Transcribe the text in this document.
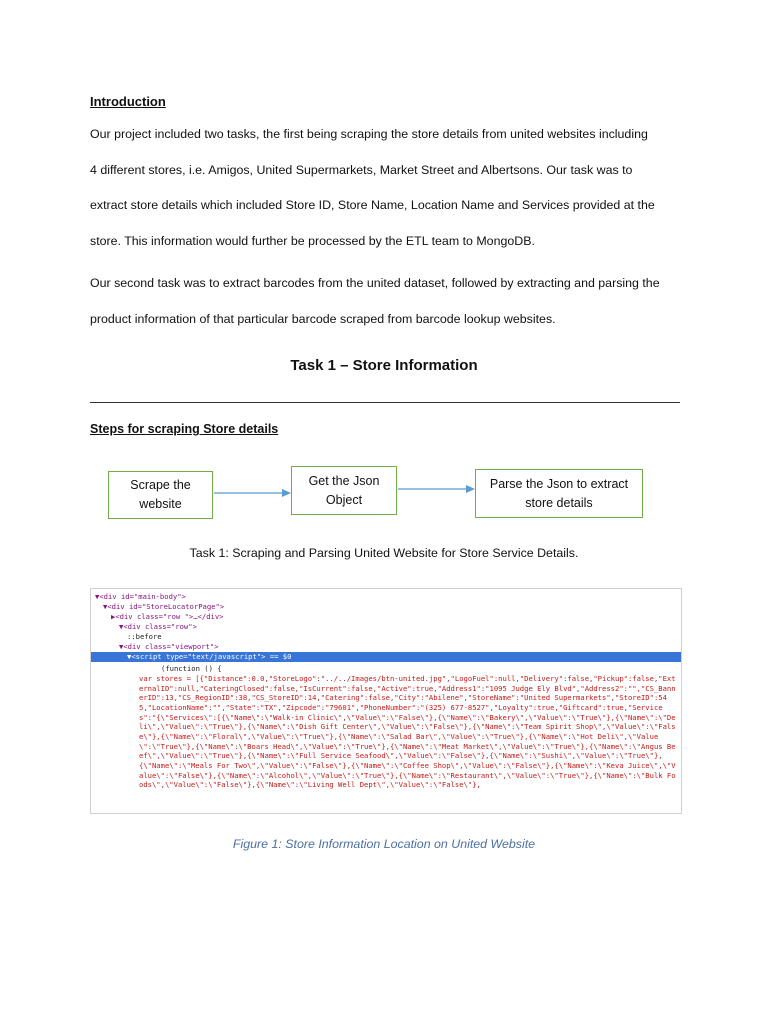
Introduction

Our project included two tasks, the first being scraping the store details from united websites including
4 different stores, i.e. Amigos, United Supermarkets, Market Street and Albertsons. Our task was to
extract store details which included Store ID, Store Name, Location Name and Services provided at the
store. This information would further be processed by the ETL team to MongoDB.

Our second task was to extract barcodes from the united dataset, followed by extracting and parsing the
product information of that particular barcode scraped from barcode lookup websites.

Task 1 – Store Information
Steps for scraping Store details
Scrape the
website
Get the Json
Object
Parse the Json to extract
store details
Task 1: Scraping and Parsing United Website for Store Service Details.
▼<div id="main-body">
▼<div id="StoreLocatorPage">
▶<div class="row ">…</div>
▼<div class="row">
::before
▼<div class="viewport">
▼<script type="text/javascript"> == $0
(function () {
var stores = [{"Distance":0.0,"StoreLogo":"../../Images/btn-united.jpg","LogoFuel":null,"Delivery":false,"Pickup":false,"ExternalID":null,"CateringClosed":false,"IsCurrent":false,"Active":true,"Address1":"1095 Judge Ely Blvd","Address2":"","CS_BannerID":13,"CS_RegionID":38,"CS_StoreID":14,"Catering":false,"City":"Abilene","StoreName":"United Supermarkets","StoreID":545,"LocationName":"","State":"TX","Zipcode":"79601","PhoneNumber":"(325) 677-8527","Loyalty":true,"Giftcard":true,"Services":"{\"Services\":[{\"Name\":\"Walk-in Clinic\",\"Value\":\"False\"},{\"Name\":\"Bakery\",\"Value\":\"True\"},{\"Name\":\"Deli\",\"Value\":\"True\"},{\"Name\":\"Dish Gift Center\",\"Value\":\"False\"},{\"Name\":\"Team Spirit Shop\",\"Value\":\"False\"},{\"Name\":\"Floral\",\"Value\":\"True\"},{\"Name\":\"Salad Bar\",\"Value\":\"True\"},{\"Name\":\"Hot Deli\",\"Value\":\"True\"},{\"Name\":\"Boars Head\",\"Value\":\"True\"},{\"Name\":\"Meat Market\",\"Value\":\"True\"},{\"Name\":\"Angus Beef\",\"Value\":\"True\"},{\"Name\":\"Full Service Seafood\",\"Value\":\"False\"},{\"Name\":\"Sushi\",\"Value\":\"True\"},{\"Name\":\"Meals For Two\",\"Value\":\"False\"},{\"Name\":\"Coffee Shop\",\"Value\":\"False\"},{\"Name\":\"Keva Juice\",\"Value\":\"False\"},{\"Name\":\"Alcohol\",\"Value\":\"True\"},{\"Name\":\"Restaurant\",\"Value\":\"True\"},{\"Name\":\"Bulk Foods\",\"Value\":\"False\"},{\"Name\":\"Living Well Dept\",\"Value\":\"False\"},
Figure 1: Store Information Location on United Website
